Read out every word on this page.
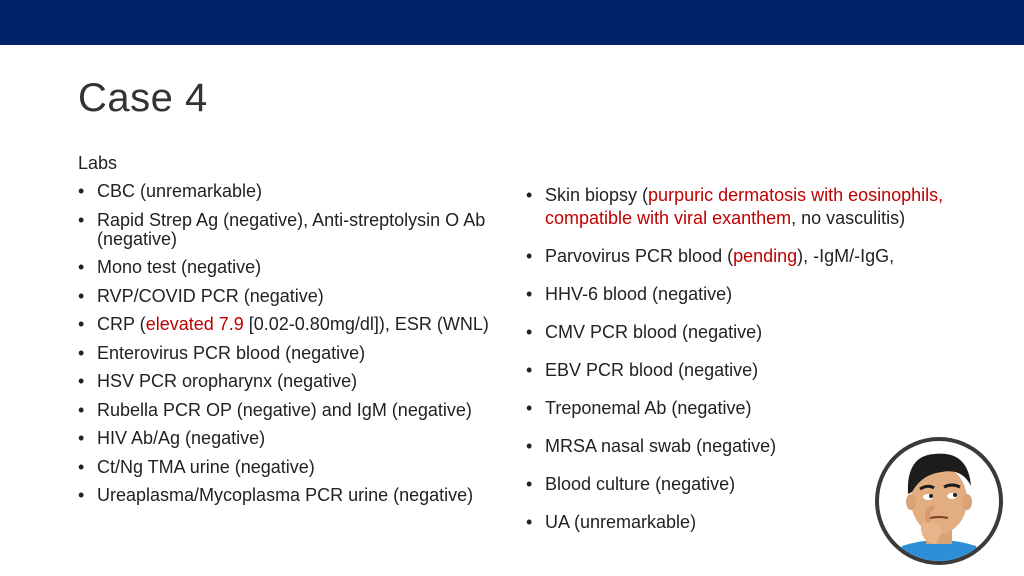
Case 4
Labs
• CBC (unremarkable)
• Rapid Strep Ag (negative), Anti-streptolysin O Ab (negative)
• Mono test (negative)
• RVP/COVID PCR (negative)
• CRP (elevated 7.9 [0.02-0.80mg/dl]), ESR (WNL)
• Enterovirus PCR blood (negative)
• HSV PCR oropharynx (negative)
• Rubella PCR OP (negative) and IgM (negative)
• HIV Ab/Ag (negative)
• Ct/Ng TMA urine (negative)
• Ureaplasma/Mycoplasma PCR urine (negative)
• Skin biopsy (purpuric dermatosis with eosinophils, compatible with viral exanthem, no vasculitis)
• Parvovirus PCR blood (pending), -IgM/-IgG,
• HHV-6 blood (negative)
• CMV PCR blood (negative)
• EBV PCR blood (negative)
• Treponemal Ab (negative)
• MRSA nasal swab (negative)
• Blood culture (negative)
• UA (unremarkable)
